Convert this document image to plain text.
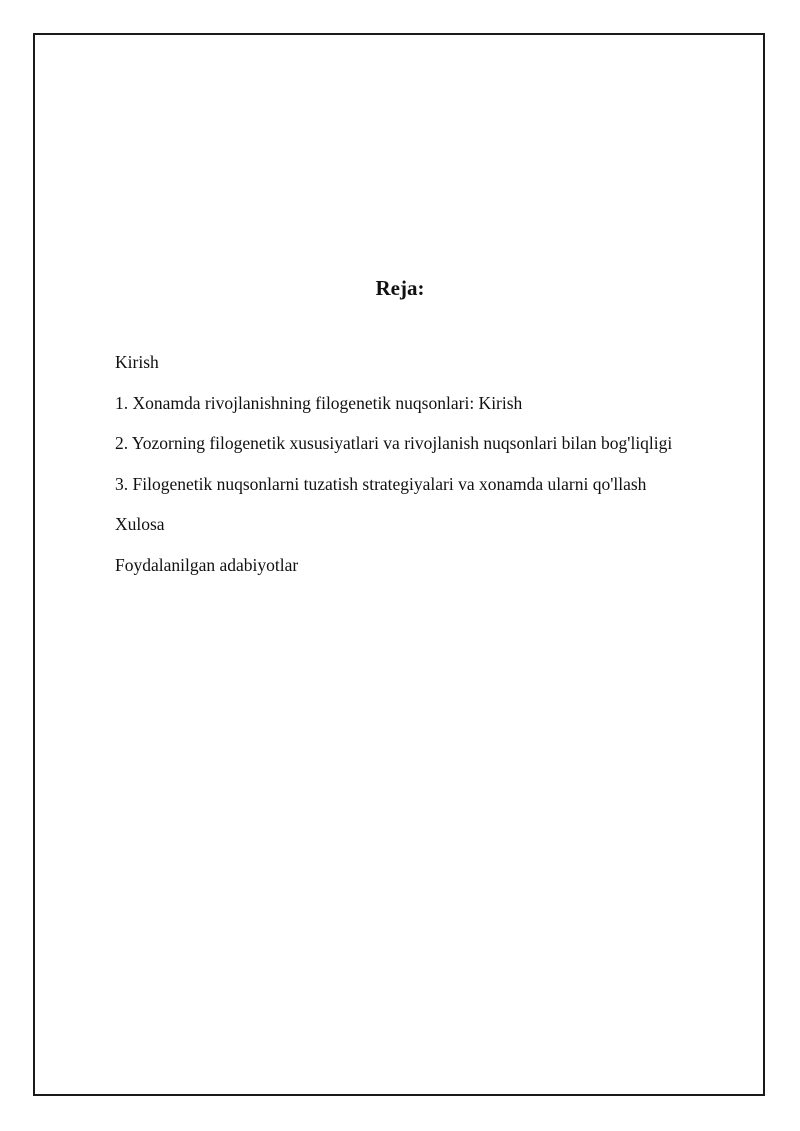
Reja:
Kirish
1. Xonamda rivojlanishning filogenetik nuqsonlari: Kirish
2. Yozorning filogenetik xususiyatlari va rivojlanish nuqsonlari bilan bog'liqligi
3. Filogenetik nuqsonlarni tuzatish strategiyalari va xonamda ularni qo'llash
Xulosa
Foydalanilgan adabiyotlar
